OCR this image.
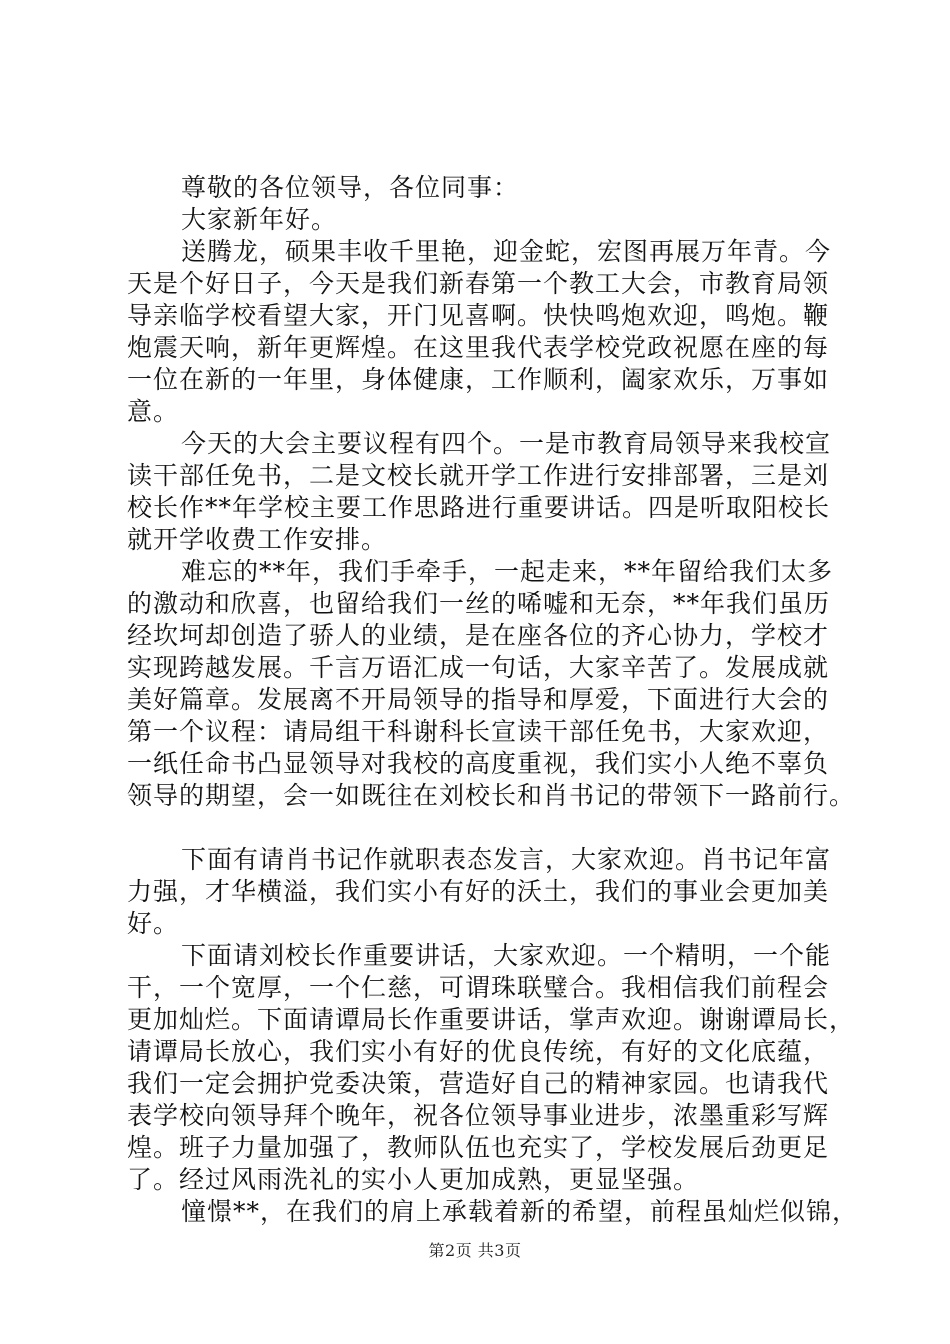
尊敬的各位领导，各位同事：
大家新年好。
送腾龙，硕果丰收千里艳，迎金蛇，宏图再展万年青。今
天是个好日子，今天是我们新春第一个教工大会，市教育局领
导亲临学校看望大家，开门见喜啊。快快鸣炮欢迎，鸣炮。鞭
炮震天响，新年更辉煌。在这里我代表学校党政祝愿在座的每
一位在新的一年里，身体健康，工作顺利，阖家欢乐，万事如
意。
今天的大会主要议程有四个。一是市教育局领导来我校宣
读干部任免书，二是文校长就开学工作进行安排部署，三是刘
校长作**年学校主要工作思路进行重要讲话。四是听取阳校长
就开学收费工作安排。
难忘的**年，我们手牵手，一起走来，**年留给我们太多
的激动和欣喜，也留给我们一丝的唏嘘和无奈，**年我们虽历
经坎坷却创造了骄人的业绩，是在座各位的齐心协力，学校才
实现跨越发展。千言万语汇成一句话，大家辛苦了。发展成就
美好篇章。发展离不开局领导的指导和厚爱，下面进行大会的
第一个议程：请局组干科谢科长宣读干部任免书，大家欢迎，
一纸任命书凸显领导对我校的高度重视，我们实小人绝不辜负
领导的期望，会一如既往在刘校长和肖书记的带领下一路前行。
下面有请肖书记作就职表态发言，大家欢迎。肖书记年富
力强，才华横溢，我们实小有好的沃土，我们的事业会更加美
好。
下面请刘校长作重要讲话，大家欢迎。一个精明，一个能
干，一个宽厚，一个仁慈，可谓珠联璧合。我相信我们前程会
更加灿烂。下面请谭局长作重要讲话，掌声欢迎。谢谢谭局长，
请谭局长放心，我们实小有好的优良传统，有好的文化底蕴，
我们一定会拥护党委决策，营造好自己的精神家园。也请我代
表学校向领导拜个晚年，祝各位领导事业进步，浓墨重彩写辉
煌。班子力量加强了，教师队伍也充实了，学校发展后劲更足
了。经过风雨洗礼的实小人更加成熟，更显坚强。
憧憬**，在我们的肩上承载着新的希望，前程虽灿烂似锦，
第2页 共3页
